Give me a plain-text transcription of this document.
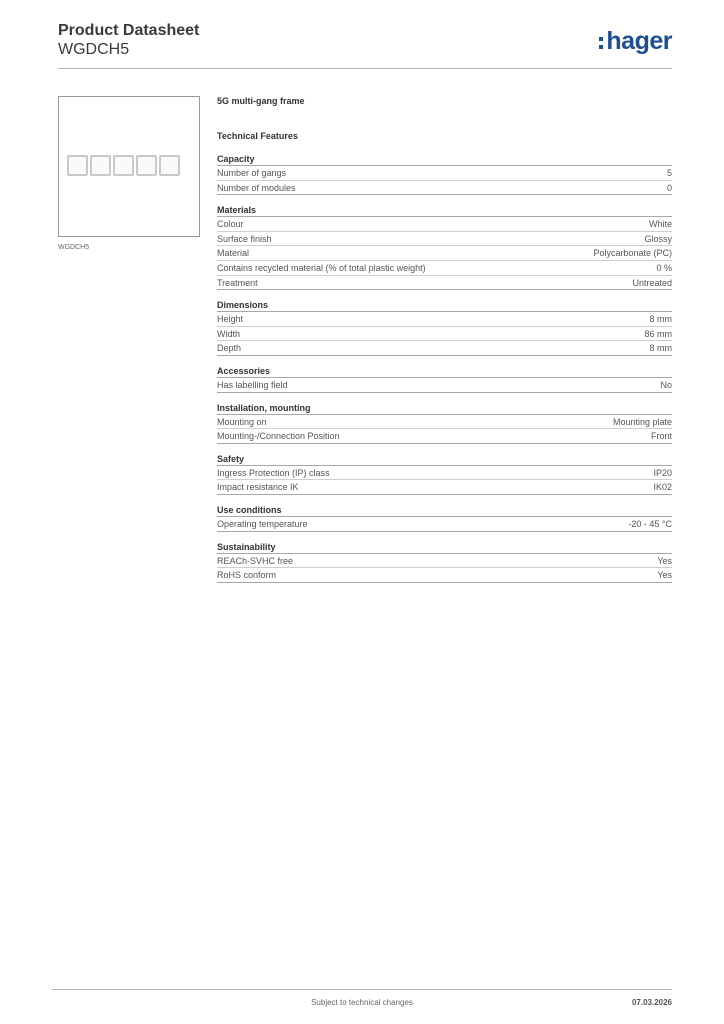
Product Datasheet
WGDCH5	hager
WGDCH5
5G multi-gang frame
Technical Features
Capacity
Number of gangs	5
Number of modules	0
Materials
Colour	White
Surface finish	Glossy
Material	Polycarbonate (PC)
Contains recycled material (% of total plastic weight)	0 %
Treatment	Untreated
Dimensions
Height	8 mm
Width	86 mm
Depth	8 mm
Accessories
Has labelling field	No
Installation, mounting
Mounting on	Mounting plate
Mounting-/Connection Position	Front
Safety
Ingress Protection (IP) class	IP20
Impact resistance IK	IK02
Use conditions
Operating temperature	-20 - 45 °C
Sustainability
REACh-SVHC free	Yes
RoHS conform	Yes
Subject to technical changes	07.03.2026
